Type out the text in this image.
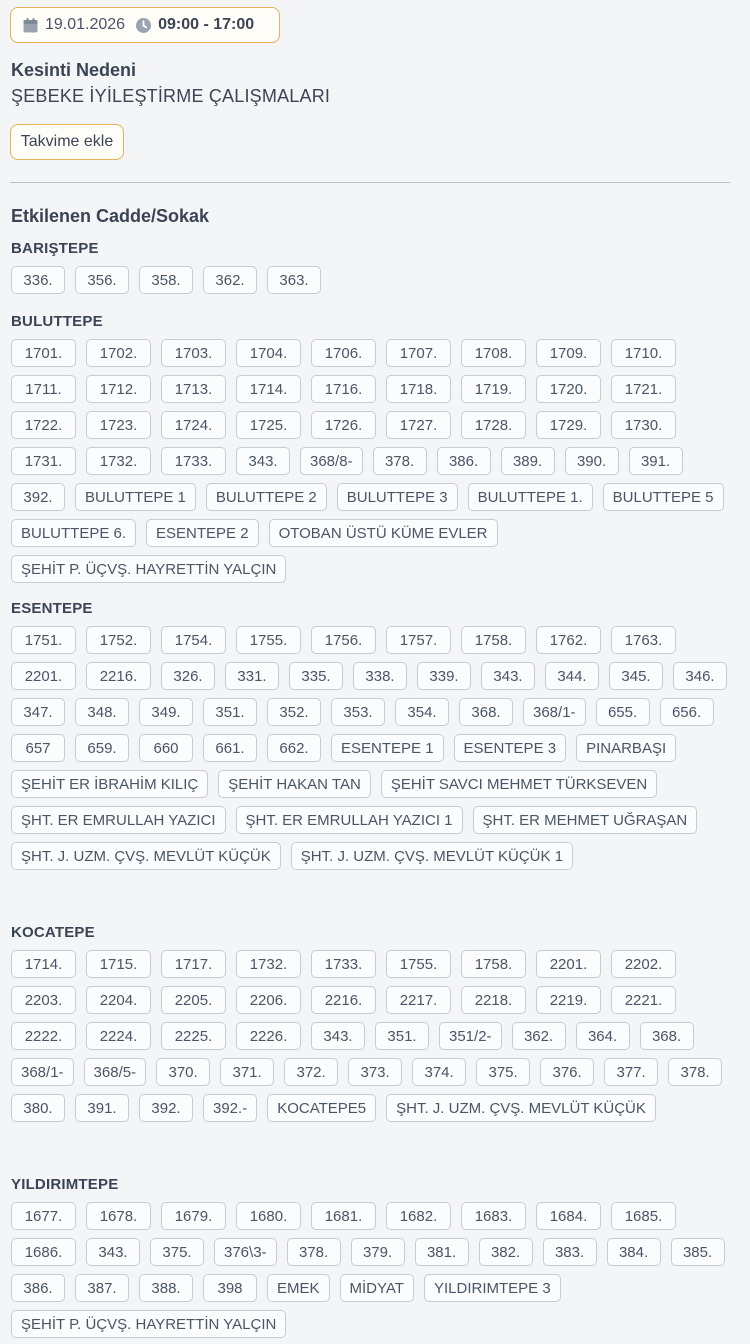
19.01.2026 09:00 - 17:00
Kesinti Nedeni
ŞEBEKE İYİLEŞTİRME ÇALIŞMALARI
Takvime ekle
Etkilenen Cadde/Sokak
BARIŞTEPE
336.	356.	358.	362.	363.
BULUTTEPE
1701.	1702.	1703.	1704.	1706.	1707.	1708.	1709.	1710.
1711.	1712.	1713.	1714.	1716.	1718.	1719.	1720.	1721.
1722.	1723.	1724.	1725.	1726.	1727.	1728.	1729.	1730.
1731.	1732.	1733.	343.	368/8-	378.	386.	389.	390.	391.
392.	BULUTTEPE 1	BULUTTEPE 2	BULUTTEPE 3	BULUTTEPE 1.	BULUTTEPE 5
BULUTTEPE 6.	ESENTEPE 2	OTOBAN ÜSTÜ KÜME EVLER
ŞEHİT P. ÜÇVŞ. HAYRETTİN YALÇIN
ESENTEPE
1751.	1752.	1754.	1755.	1756.	1757.	1758.	1762.	1763.
2201.	2216.	326.	331.	335.	338.	339.	343.	344.	345.	346.
347.	348.	349.	351.	352.	353.	354.	368.	368/1-	655.	656.
657	659.	660	661.	662.	ESENTEPE 1	ESENTEPE 3	PINARBAŞI
ŞEHİT ER İBRAHİM KILIÇ	ŞEHİT HAKAN TAN	ŞEHİT SAVCI MEHMET TÜRKSEVEN
ŞHT. ER EMRULLAH YAZICI	ŞHT. ER EMRULLAH YAZICI 1	ŞHT. ER MEHMET UĞRAŞAN
ŞHT. J. UZM. ÇVŞ. MEVLÜT KÜÇÜK	ŞHT. J. UZM. ÇVŞ. MEVLÜT KÜÇÜK 1
KOCATEPE
1714.	1715.	1717.	1732.	1733.	1755.	1758.	2201.	2202.
2203.	2204.	2205.	2206.	2216.	2217.	2218.	2219.	2221.
2222.	2224.	2225.	2226.	343.	351.	351/2-	362.	364.	368.
368/1-	368/5-	370.	371.	372.	373.	374.	375.	376.	377.	378.
380.	391.	392.	392.-	KOCATEPE5	ŞHT. J. UZM. ÇVŞ. MEVLÜT KÜÇÜK
YILDIRIMTEPE
1677.	1678.	1679.	1680.	1681.	1682.	1683.	1684.	1685.
1686.	343.	375.	376\3-	378.	379.	381.	382.	383.	384.	385.
386.	387.	388.	398	EMEK	MİDYAT	YILDIRIMTEPE 3
ŞEHİT P. ÜÇVŞ. HAYRETTİN YALÇIN
